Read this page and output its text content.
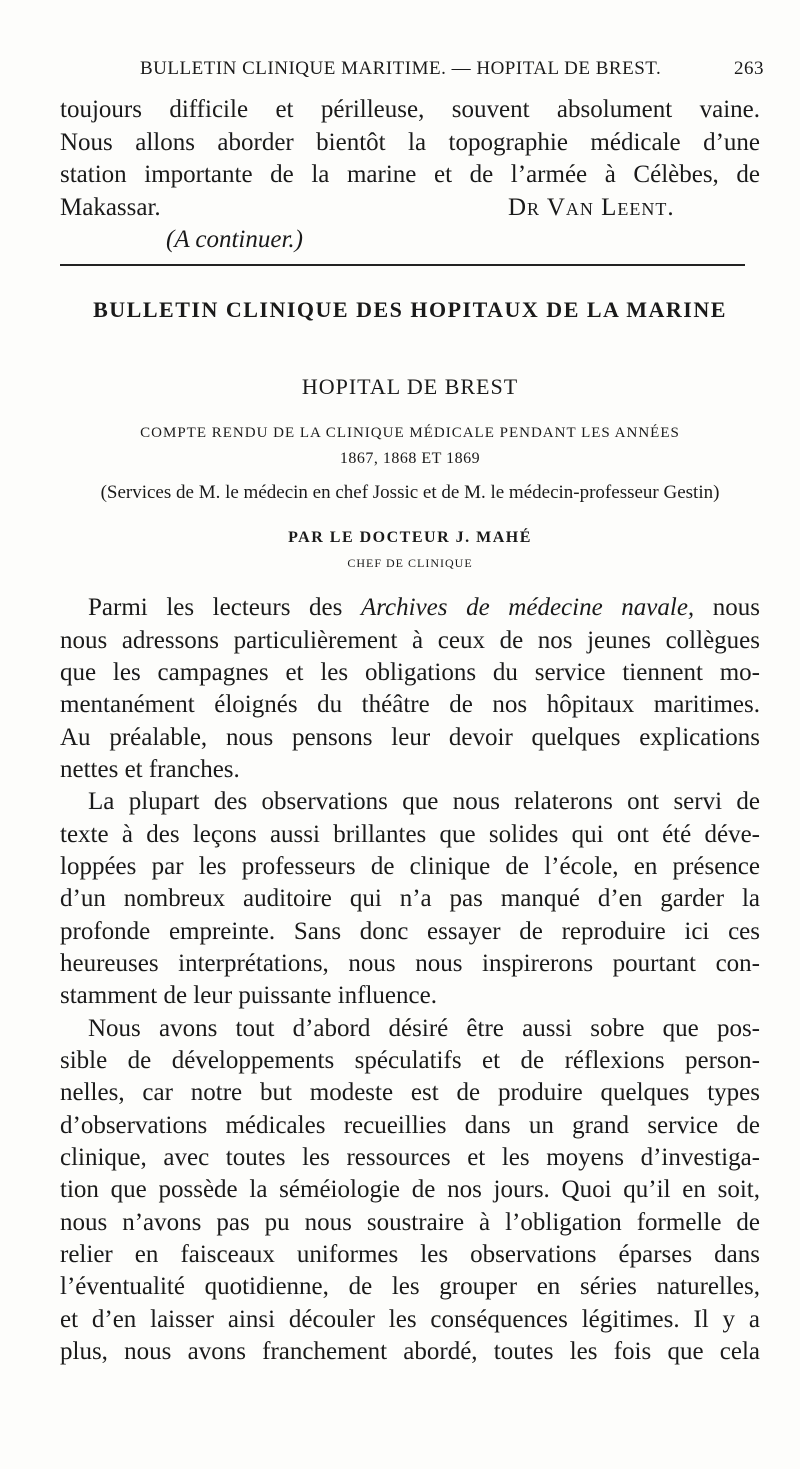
BULLETIN CLINIQUE MARITIME. — HOPITAL DE BREST.	263
toujours difficile et périlleuse, souvent absolument vaine.
Nous allons aborder bientôt la topographie médicale d’une
station importante de la marine et de l’armée à Célèbes, de
Makassar.	Dr Van Leent.
(A continuer.)
BULLETIN CLINIQUE DES HOPITAUX DE LA MARINE
HOPITAL DE BREST
COMPTE RENDU DE LA CLINIQUE MÉDICALE PENDANT LES ANNÉES
1867, 1868 ET 1869
(Services de M. le médecin en chef Jossic et de M. le médecin-professeur Gestin)
PAR LE DOCTEUR J. MAHÉ
CHEF DE CLINIQUE
Parmi les lecteurs des Archives de médecine navale, nous
nous adressons particulièrement à ceux de nos jeunes collègues
que les campagnes et les obligations du service tiennent mo-
mentanément éloignés du théâtre de nos hôpitaux maritimes.
Au préalable, nous pensons leur devoir quelques explications
nettes et franches.
La plupart des observations que nous relaterons ont servi de
texte à des leçons aussi brillantes que solides qui ont été déve-
loppées par les professeurs de clinique de l’école, en présence
d’un nombreux auditoire qui n’a pas manqué d’en garder la
profonde empreinte. Sans donc essayer de reproduire ici ces
heureuses interprétations, nous nous inspirerons pourtant con-
stamment de leur puissante influence.
Nous avons tout d’abord désiré être aussi sobre que pos-
sible de développements spéculatifs et de réflexions person-
nelles, car notre but modeste est de produire quelques types
d’observations médicales recueillies dans un grand service de
clinique, avec toutes les ressources et les moyens d’investiga-
tion que possède la séméiologie de nos jours. Quoi qu’il en soit,
nous n’avons pas pu nous soustraire à l’obligation formelle de
relier en faisceaux uniformes les observations éparses dans
l’éventualité quotidienne, de les grouper en séries naturelles,
et d’en laisser ainsi découler les conséquences légitimes. Il y a
plus, nous avons franchement abordé, toutes les fois que cela
